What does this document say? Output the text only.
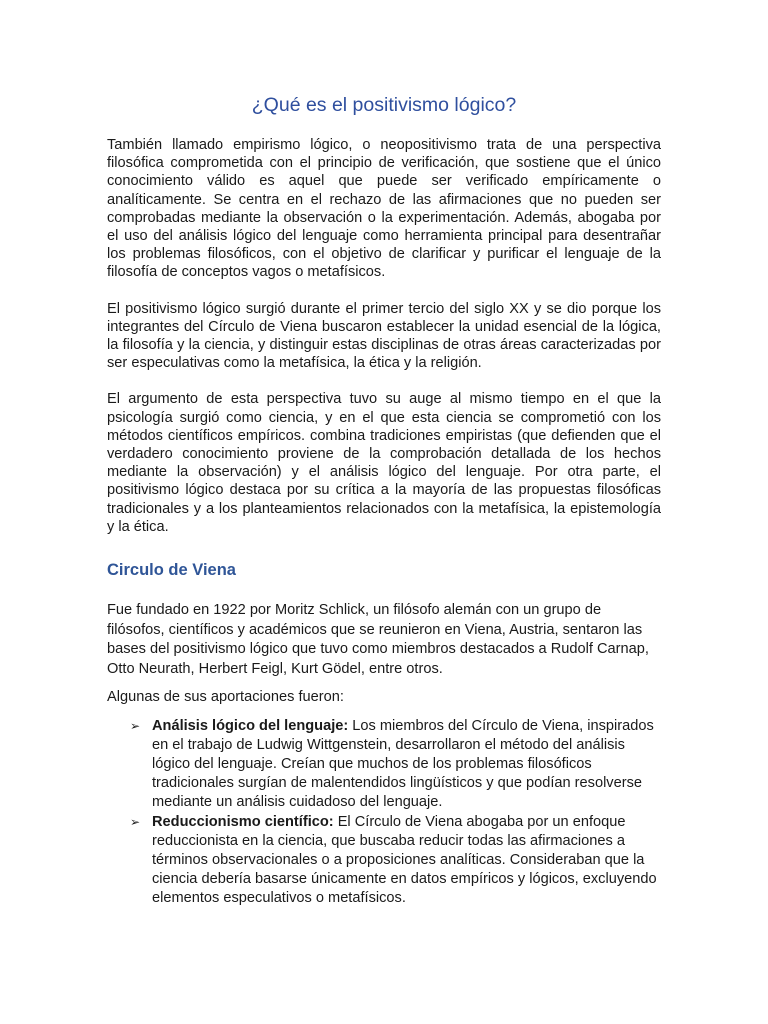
¿Qué es el positivismo lógico?

También llamado empirismo lógico, o neopositivismo trata de una perspectiva filosófica comprometida con el principio de verificación, que sostiene que el único conocimiento válido es aquel que puede ser verificado empíricamente o analíticamente. Se centra en el rechazo de las afirmaciones que no pueden ser comprobadas mediante la observación o la experimentación. Además, abogaba por el uso del análisis lógico del lenguaje como herramienta principal para desentrañar los problemas filosóficos, con el objetivo de clarificar y purificar el lenguaje de la filosofía de conceptos vagos o metafísicos.

El positivismo lógico surgió durante el primer tercio del siglo XX y se dio porque los integrantes del Círculo de Viena buscaron establecer la unidad esencial de la lógica, la filosofía y la ciencia, y distinguir estas disciplinas de otras áreas caracterizadas por ser especulativas como la metafísica, la ética y la religión.

El argumento de esta perspectiva tuvo su auge al mismo tiempo en el que la psicología surgió como ciencia, y en el que esta ciencia se comprometió con los métodos científicos empíricos. combina tradiciones empiristas (que defienden que el verdadero conocimiento proviene de la comprobación detallada de los hechos mediante la observación) y el análisis lógico del lenguaje. Por otra parte, el positivismo lógico destaca por su crítica a la mayoría de las propuestas filosóficas tradicionales y a los planteamientos relacionados con la metafísica, la epistemología y la ética.

Circulo de Viena

Fue fundado en 1922 por Moritz Schlick, un filósofo alemán con un grupo de filósofos, científicos y académicos que se reunieron en Viena, Austria, sentaron las bases del positivismo lógico que tuvo como miembros destacados a Rudolf Carnap, Otto Neurath, Herbert Feigl, Kurt Gödel, entre otros.

Algunas de sus aportaciones fueron:

➢ Análisis lógico del lenguaje: Los miembros del Círculo de Viena, inspirados en el trabajo de Ludwig Wittgenstein, desarrollaron el método del análisis lógico del lenguaje. Creían que muchos de los problemas filosóficos tradicionales surgían de malentendidos lingüísticos y que podían resolverse mediante un análisis cuidadoso del lenguaje.
➢ Reduccionismo científico: El Círculo de Viena abogaba por un enfoque reduccionista en la ciencia, que buscaba reducir todas las afirmaciones a términos observacionales o a proposiciones analíticas. Consideraban que la ciencia debería basarse únicamente en datos empíricos y lógicos, excluyendo elementos especulativos o metafísicos.
